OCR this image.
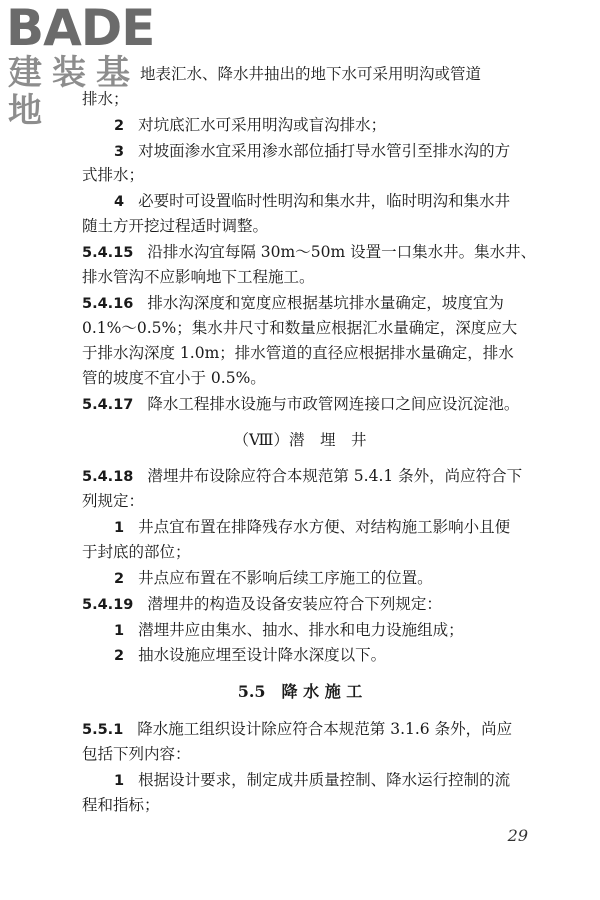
BADE
建装基地
地表汇水、降水井抽出的地下水可采用明沟或管道
排水；
2 对坑底汇水可采用明沟或盲沟排水；
3 对坡面渗水宜采用渗水部位插打导水管引至排水沟的方
式排水；
4 必要时可设置临时性明沟和集水井，临时明沟和集水井
随土方开挖过程适时调整。
5.4.15 沿排水沟宜每隔 30m～50m 设置一口集水井。集水井、
排水管沟不应影响地下工程施工。
5.4.16 排水沟深度和宽度应根据基坑排水量确定，坡度宜为
0.1%～0.5%；集水井尺寸和数量应根据汇水量确定，深度应大
于排水沟深度 1.0m；排水管道的直径应根据排水量确定，排水
管的坡度不宜小于 0.5%。
5.4.17 降水工程排水设施与市政管网连接口之间应设沉淀池。
（Ⅷ）潜　埋　井
5.4.18 潜埋井布设除应符合本规范第 5.4.1 条外，尚应符合下
列规定：
1 井点宜布置在排降残存水方便、对结构施工影响小且便
于封底的部位；
2 井点应布置在不影响后续工序施工的位置。
5.4.19 潜埋井的构造及设备安装应符合下列规定：
1 潜埋井应由集水、抽水、排水和电力设施组成；
2 抽水设施应埋至设计降水深度以下。
5.5　降 水 施 工
5.5.1 降水施工组织设计除应符合本规范第 3.1.6 条外，尚应
包括下列内容：
1 根据设计要求，制定成井质量控制、降水运行控制的流
程和指标；
29
